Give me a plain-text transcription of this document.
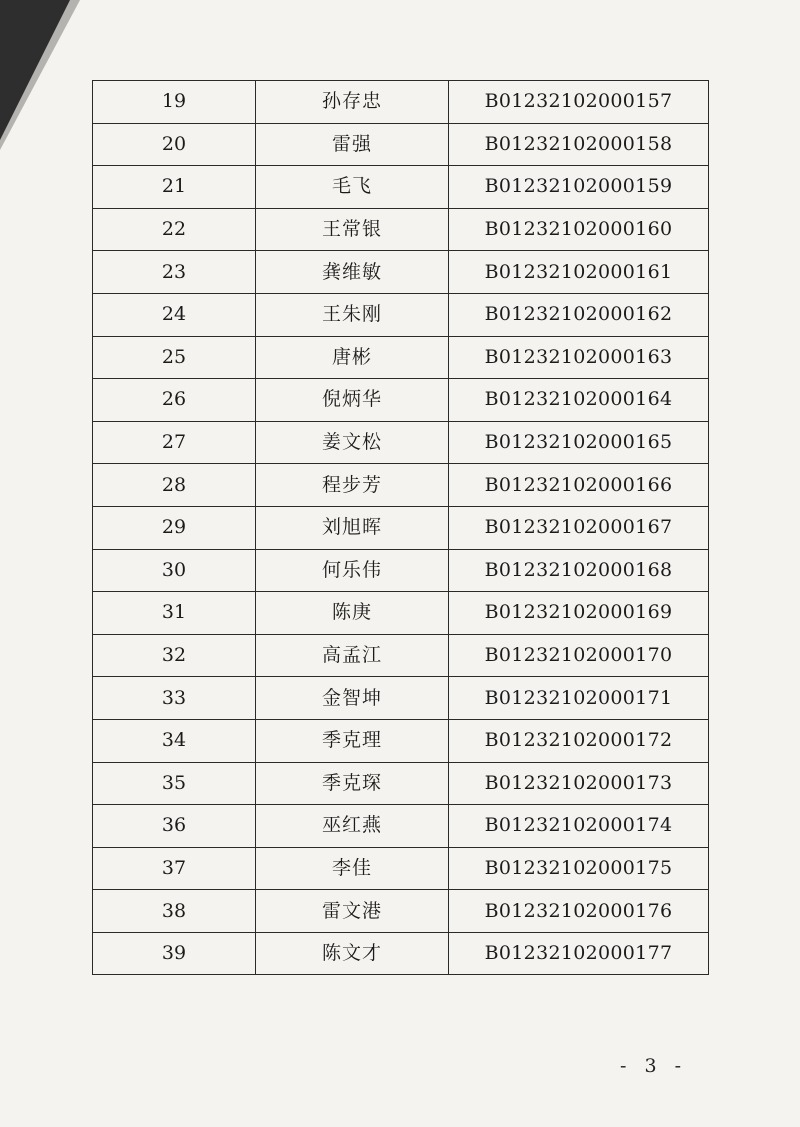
19	孙存忠	B01232102000157
20	雷强	B01232102000158
21	毛飞	B01232102000159
22	王常银	B01232102000160
23	龚维敏	B01232102000161
24	王朱刚	B01232102000162
25	唐彬	B01232102000163
26	倪炳华	B01232102000164
27	姜文松	B01232102000165
28	程步芳	B01232102000166
29	刘旭晖	B01232102000167
30	何乐伟	B01232102000168
31	陈庚	B01232102000169
32	高孟江	B01232102000170
33	金智坤	B01232102000171
34	季克理	B01232102000172
35	季克琛	B01232102000173
36	巫红燕	B01232102000174
37	李佳	B01232102000175
38	雷文港	B01232102000176
39	陈文才	B01232102000177
- 3 -
